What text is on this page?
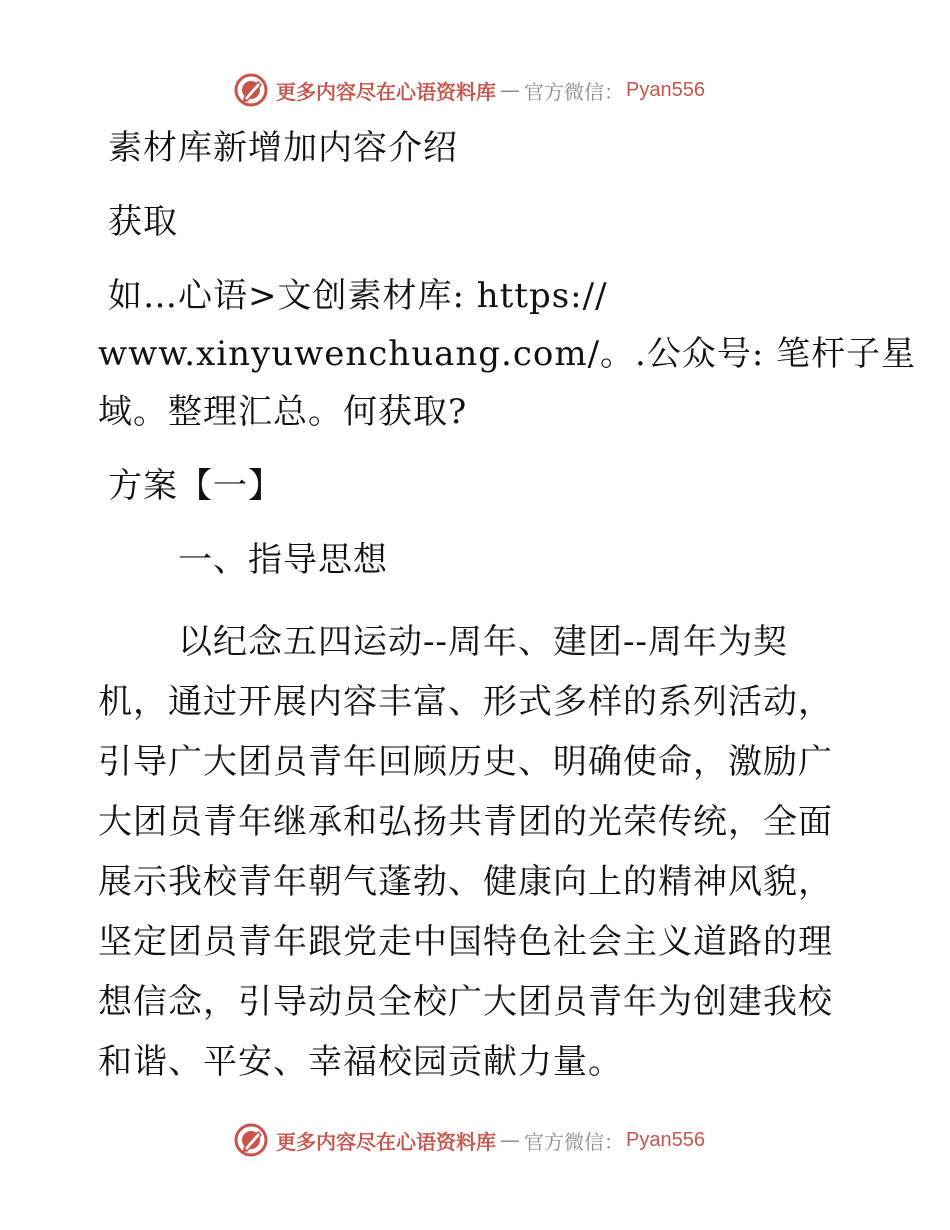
更多内容尽在心语资料库 — 官方微信： Pyan556
素材库新增加内容介绍
获取
如…心语>文创素材库: https://
www.xinyuwenchuang.com/。.公众号: 笔杆子星
域。整理汇总。何获取?
方案【一】
一、指导思想

以纪念五四运动--周年、建团--周年为契机，通过开展内容丰富、形式多样的系列活动，引导广大团员青年回顾历史、明确使命，激励广大团员青年继承和弘扬共青团的光荣传统，全面展示我校青年朝气蓬勃、健康向上的精神风貌，坚定团员青年跟党走中国特色社会主义道路的理想信念，引导动员全校广大团员青年为创建我校和谐、平安、幸福校园贡献力量。

更多内容尽在心语资料库 — 官方微信： Pyan556
